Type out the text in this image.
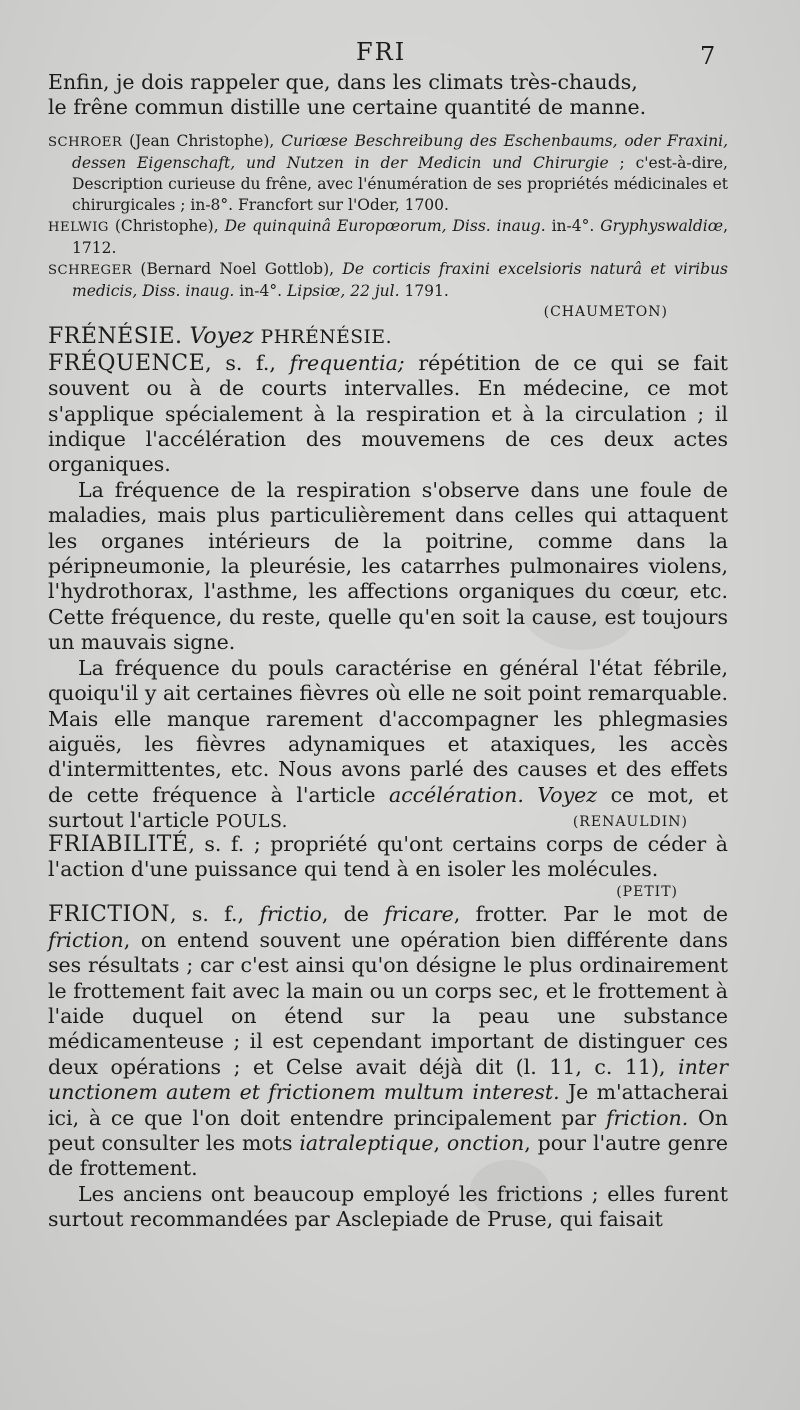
FRI	7

Enfin, je dois rappeler que, dans les climats très-chauds,
le frêne commun distille une certaine quantité de manne.

SCHROER (Jean Christophe), Curiœse Beschreibung des Eschenbaums, oder Fraxini, dessen Eigenschaft, und Nutzen in der Medicin und Chirurgie ; c'est-à-dire, Description curieuse du frêne, avec l'énumération de ses propriétés médicinales et chirurgicales ; in-8°. Francfort sur l'Oder, 1700.

HELWIG (Christophe), De quinquinâ Europœorum, Diss. inaug. in-4°. Gryphyswaldiœ, 1712.

SCHREGER (Bernard Noel Gottlob), De corticis fraxini excelsioris naturâ et viribus medicis, Diss. inaug. in-4°. Lipsiœ, 22 jul. 1791.

(CHAUMETON)

FRÉNÉSIE. Voyez PHRÉNÉSIE.

FRÉQUENCE, s. f., frequentia; répétition de ce qui se fait souvent ou à de courts intervalles. En médecine, ce mot s'applique spécialement à la respiration et à la circulation ; il indique l'accélération des mouvemens de ces deux actes organiques.

La fréquence de la respiration s'observe dans une foule de maladies, mais plus particulièrement dans celles qui attaquent les organes intérieurs de la poitrine, comme dans la péripneumonie, la pleurésie, les catarrhes pulmonaires violens, l'hydrothorax, l'asthme, les affections organiques du cœur, etc. Cette fréquence, du reste, quelle qu'en soit la cause, est toujours un mauvais signe.

La fréquence du pouls caractérise en général l'état fébrile, quoiqu'il y ait certaines fièvres où elle ne soit point remarquable. Mais elle manque rarement d'accompagner les phlegmasies aiguës, les fièvres adynamiques et ataxiques, les accès d'intermittentes, etc. Nous avons parlé des causes et des effets de cette fréquence à l'article accélération. Voyez ce mot, et surtout l'article POULS.	(RENAULDIN)

FRIABILITÉ, s. f. ; propriété qu'ont certains corps de céder à l'action d'une puissance qui tend à en isoler les molécules.

(PETIT)

FRICTION, s. f., frictio, de fricare, frotter. Par le mot de friction, on entend souvent une opération bien différente dans ses résultats ; car c'est ainsi qu'on désigne le plus ordinairement le frottement fait avec la main ou un corps sec, et le frottement à l'aide duquel on étend sur la peau une substance médicamenteuse ; il est cependant important de distinguer ces deux opérations ; et Celse avait déjà dit (l. 11, c. 11), inter unctionem autem et frictionem multum interest. Je m'attacherai ici, à ce que l'on doit entendre principalement par friction. On peut consulter les mots iatraleptique, onction, pour l'autre genre de frottement.

Les anciens ont beaucoup employé les frictions ; elles furent surtout recommandées par Asclepiade de Pruse, qui faisait
